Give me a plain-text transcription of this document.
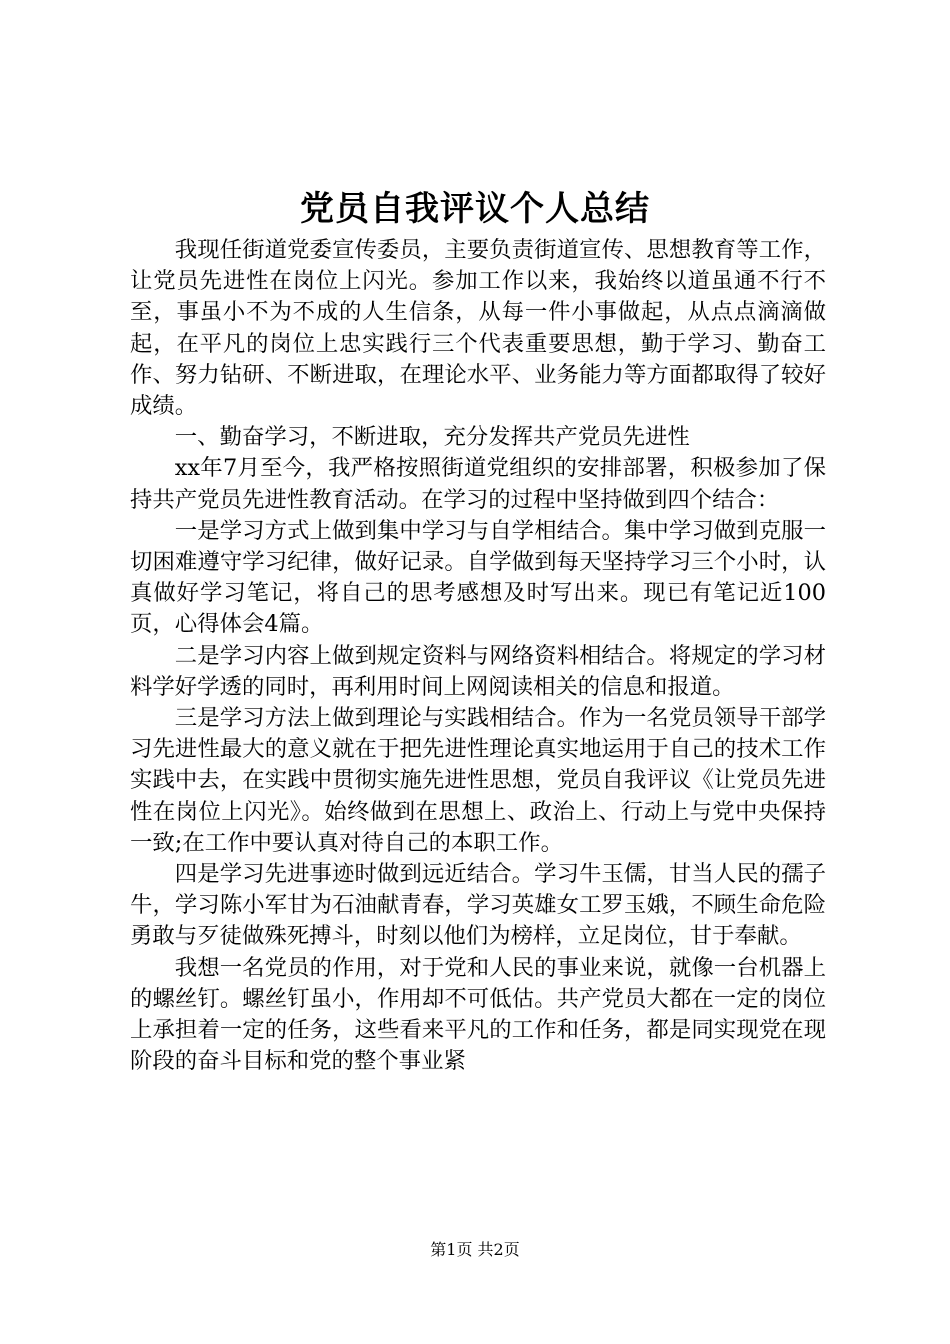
党员自我评议个人总结

我现任街道党委宣传委员，主要负责街道宣传、思想教育等工作，让党员先进性在岗位上闪光。参加工作以来，我始终以道虽通不行不至，事虽小不为不成的人生信条，从每一件小事做起，从点点滴滴做起，在平凡的岗位上忠实践行三个代表重要思想，勤于学习、勤奋工作、努力钻研、不断进取，在理论水平、业务能力等方面都取得了较好成绩。

一、勤奋学习，不断进取，充分发挥共产党员先进性

xx年7月至今，我严格按照街道党组织的安排部署，积极参加了保持共产党员先进性教育活动。在学习的过程中坚持做到四个结合：

一是学习方式上做到集中学习与自学相结合。集中学习做到克服一切困难遵守学习纪律，做好记录。自学做到每天坚持学习三个小时，认真做好学习笔记，将自己的思考感想及时写出来。现已有笔记近100页，心得体会4篇。

二是学习内容上做到规定资料与网络资料相结合。将规定的学习材料学好学透的同时，再利用时间上网阅读相关的信息和报道。

三是学习方法上做到理论与实践相结合。作为一名党员领导干部学习先进性最大的意义就在于把先进性理论真实地运用于自己的技术工作实践中去，在实践中贯彻实施先进性思想，党员自我评议《让党员先进性在岗位上闪光》。始终做到在思想上、政治上、行动上与党中央保持一致;在工作中要认真对待自己的本职工作。

四是学习先进事迹时做到远近结合。学习牛玉儒，甘当人民的孺子牛，学习陈小军甘为石油献青春，学习英雄女工罗玉娥，不顾生命危险勇敢与歹徒做殊死搏斗，时刻以他们为榜样，立足岗位，甘于奉献。

我想一名党员的作用，对于党和人民的事业来说，就像一台机器上的螺丝钉。螺丝钉虽小，作用却不可低估。共产党员大都在一定的岗位上承担着一定的任务，这些看来平凡的工作和任务，都是同实现党在现阶段的奋斗目标和党的整个事业紧

第1页 共2页
